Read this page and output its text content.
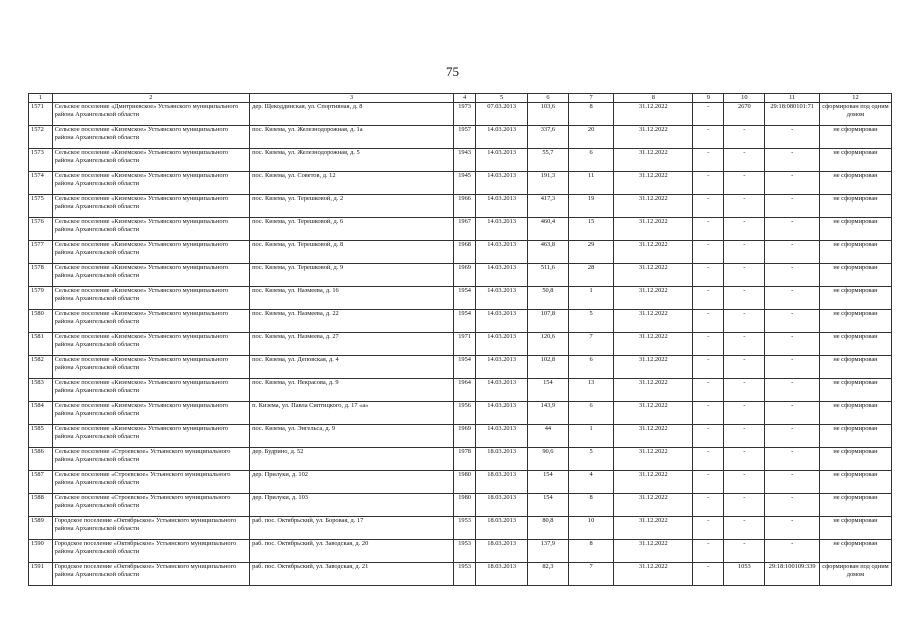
75
1	2	3	4	5	6	7	8	9	10	11	12
1571	Сельское поселение «Дмитриевское» Устьянского муниципального района Архангельской области	дер. Щекоддинская, ул. Спортивная, д. 8	1973	07.03.2013	103,6	8	31.12.2022	-	2670	29:18:080101:71	сформирован под одним домом
1572	Сельское поселение «Киземское» Устьянского муниципального района Архангельской области	пос. Кизема, ул. Железнодорожная, д. 1а	1957	14.03.2013	337,6	20	31.12.2022	-	-	-	не сформирован
1573	Сельское поселение «Киземское» Устьянского муниципального района Архангельской области	пос. Кизема, ул. Железнодорожная, д. 5	1943	14.03.2013	55,7	6	31.12.2022	-	-	-	не сформирован
1574	Сельское поселение «Киземское» Устьянского муниципального района Архангельской области	пос. Кизема, ул. Советов, д. 12	1945	14.03.2013	191,3	11	31.12.2022	-	-	-	не сформирован
1575	Сельское поселение «Киземское» Устьянского муниципального района Архангельской области	пос. Кизема, ул. Терешковой, д. 2	1966	14.03.2013	417,3	19	31.12.2022	-	-	-	не сформирован
1576	Сельское поселение «Киземское» Устьянского муниципального района Архангельской области	пос. Кизема, ул. Терешковой, д. 6	1967	14.03.2013	460,4	15	31.12.2022	-	-	-	не сформирован
1577	Сельское поселение «Киземское» Устьянского муниципального района Архангельской области	пос. Кизема, ул. Терешковой, д. 8	1968	14.03.2013	463,8	29	31.12.2022	-	-	-	не сформирован
1578	Сельское поселение «Киземское» Устьянского муниципального района Архангельской области	пос. Кизема, ул. Терешковой, д. 9	1969	14.03.2013	511,6	28	31.12.2022	-	-	-	не сформирован
1579	Сельское поселение «Киземское» Устьянского муниципального района Архангельской области	пос. Кизема, ул. Назмеева, д. 16	1954	14.03.2013	50,8	1	31.12.2022	-	-	-	не сформирован
1580	Сельское поселение «Киземское» Устьянского муниципального района Архангельской области	пос. Кизема, ул. Назмеева, д. 22	1954	14.03.2013	107,8	5	31.12.2022	-	-	-	не сформирован
1581	Сельское поселение «Киземское» Устьянского муниципального района Архангельской области	пос. Кизема, ул. Назмеева, д. 27	1971	14.03.2013	120,6	7	31.12.2022	-	-	-	не сформирован
1582	Сельское поселение «Киземское» Устьянского муниципального района Архангельской области	пос. Кизема, ул. Деповская, д. 4	1954	14.03.2013	102,8	6	31.12.2022	-	-	-	не сформирован
1583	Сельское поселение «Киземское» Устьянского муниципального района Архангельской области	пос. Кизема, ул. Некрасова, д. 9	1964	14.03.2013	154	13	31.12.2022	-	-	-	не сформирован
1584	Сельское поселение «Киземское» Устьянского муниципального района Архангельской области	п. Кизема, ул. Павла Сиптицкого, д. 17 «а»	1956	14.03.2013	143,9	6	31.12.2022	-	-	-	не сформирован
1585	Сельское поселение «Киземское» Устьянского муниципального района Архангельской области	пос. Кизема, ул. Энгельса, д. 9	1969	14.03.2013	44	1	31.12.2022	-	-	-	не сформирован
1586	Сельское поселение «Строевское» Устьянского муниципального района Архангельской области	дер. Будрино, д. 52	1978	18.03.2013	90,6	5	31.12.2022	-	-	-	не сформирован
1587	Сельское поселение «Строевское» Устьянского муниципального района Архангельской области	дер. Прилуки, д. 102	1980	18.03.2013	154	4	31.12.2022	-	-	-	не сформирован
1588	Сельское поселение «Строевское» Устьянского муниципального района Архангельской области	дер. Прилуки, д. 103	1980	18.03.2013	154	8	31.12.2022	-	-	-	не сформирован
1589	Городское поселение «Октябрьское» Устьянского муниципального района Архангельской области	раб. пос. Октябрьский, ул. Боровая, д. 17	1953	18.03.2013	80,8	10	31.12.2022	-	-	-	не сформирован
1590	Городское поселение «Октябрьское» Устьянского муниципального района Архангельской области	раб. пос. Октябрьский, ул. Заводская, д. 20	1953	18.03.2013	137,9	8	31.12.2022	-	-	-	не сформирован
1591	Городское поселение «Октябрьское» Устьянского муниципального района Архангельской области	раб. пос. Октябрьский, ул. Заводская, д. 21	1953	18.03.2013	82,3	7	31.12.2022	-	1053	29:18:100109:339	сформирован под одним домом
